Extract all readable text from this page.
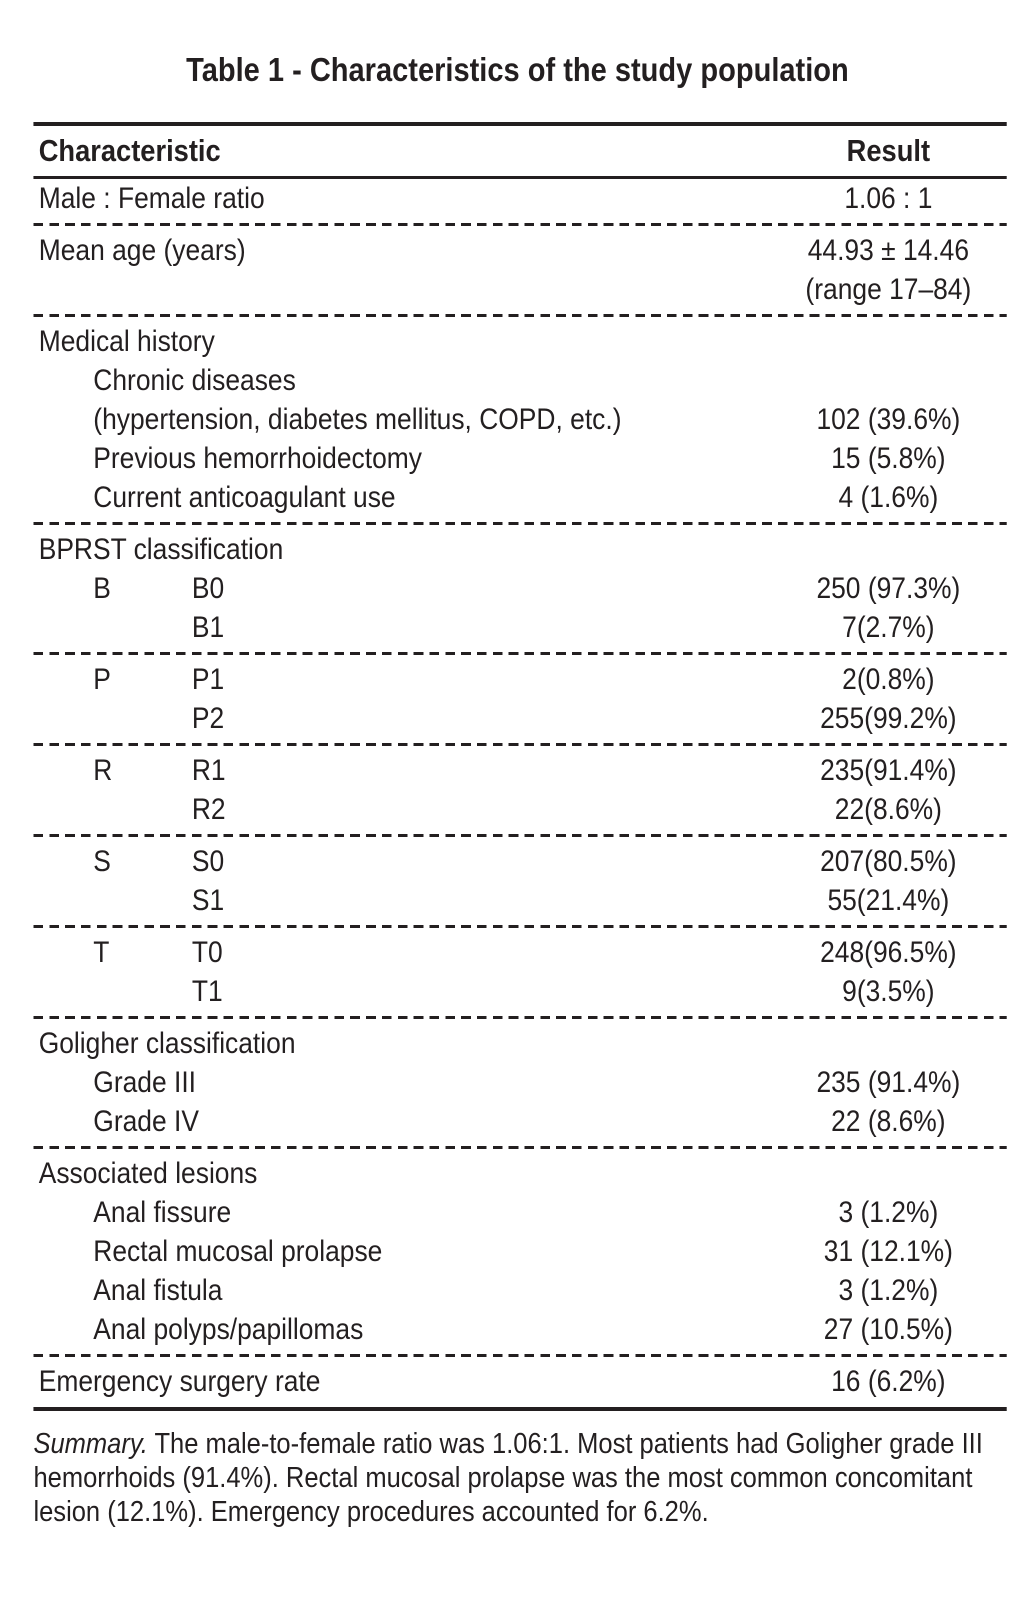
Table 1 - Characteristics of the study population
Characteristic	Result
Male : Female ratio	1.06 : 1
Mean age (years)	44.93 ± 14.46
(range 17–84)
Medical history
Chronic diseases
(hypertension, diabetes mellitus, COPD, etc.)	102 (39.6%)
Previous hemorrhoidectomy	15 (5.8%)
Current anticoagulant use	4 (1.6%)
BPRST classification
B	B0	250 (97.3%)
B1	7(2.7%)
P	P1	2(0.8%)
P2	255(99.2%)
R	R1	235(91.4%)
R2	22(8.6%)
S	S0	207(80.5%)
S1	55(21.4%)
T	T0	248(96.5%)
T1	9(3.5%)
Goligher classification
Grade III	235 (91.4%)
Grade IV	22 (8.6%)
Associated lesions
Anal fissure	3 (1.2%)
Rectal mucosal prolapse	31 (12.1%)
Anal fistula	3 (1.2%)
Anal polyps/papillomas	27 (10.5%)
Emergency surgery rate	16 (6.2%)

Summary. The male-to-female ratio was 1.06:1. Most patients had Goligher grade III hemorrhoids (91.4%). Rectal mucosal prolapse was the most common concomitant lesion (12.1%). Emergency procedures accounted for 6.2%.
